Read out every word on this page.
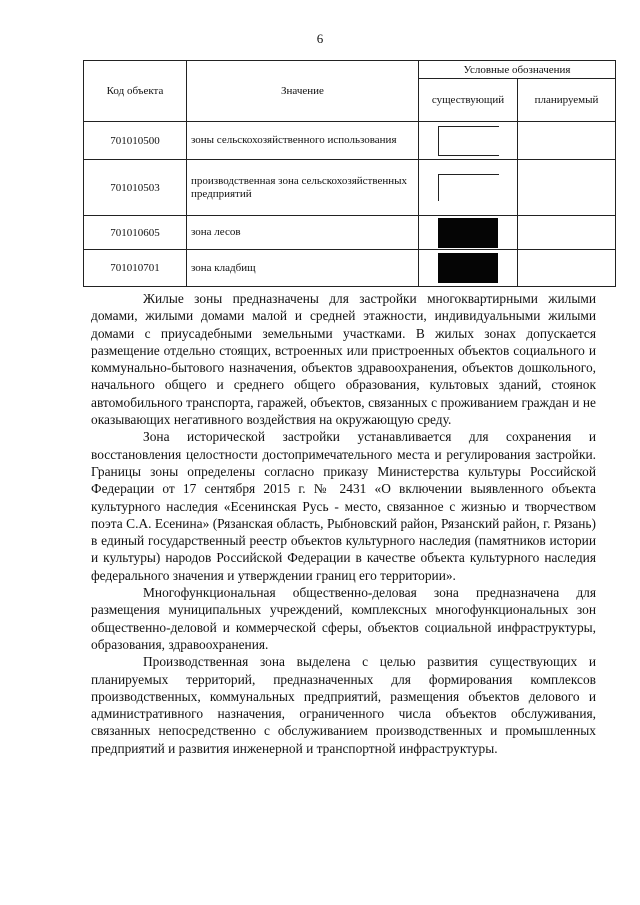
6
Код объекта	Значение	Условные обозначения	
		существующий	планируемый
701010500	зоны сельскохозяйственного использования	

701010503	производственная зона сельскохозяйственных предприятий	

701010605	зона лесов	

701010701	зона кладбищ	

Жилые зоны предназначены для застройки многоквартирными жилыми домами, жилыми домами малой и средней этажности, индивидуальными жилыми домами с приусадебными земельными участками. В жилых зонах допускается размещение отдельно стоящих, встроенных или пристроенных объектов социального и коммунально-бытового назначения, объектов здравоохранения, объектов дошкольного, начального общего и среднего общего образования, культовых зданий, стоянок автомобильного транспорта, гаражей, объектов, связанных с проживанием граждан и не оказывающих негативного воздействия на окружающую среду.

Зона исторической застройки устанавливается для сохранения и восстановления целостности достопримечательного места и регулирования застройки. Границы зоны определены согласно приказу Министерства культуры Российской Федерации от 17 сентября 2015 г. № 2431 «О включении выявленного объекта культурного наследия «Есенинская Русь - место, связанное с жизнью и творчеством поэта С.А. Есенина» (Рязанская область, Рыбновский район, Рязанский район, г. Рязань) в единый государственный реестр объектов культурного наследия (памятников истории и культуры) народов Российской Федерации в качестве объекта культурного наследия федерального значения и утверждении границ его территории».

Многофункциональная общественно-деловая зона предназначена для размещения муниципальных учреждений, комплексных многофункциональных зон общественно-деловой и коммерческой сферы, объектов социальной инфраструктуры, образования, здравоохранения.

Производственная зона выделена с целью развития существующих и планируемых территорий, предназначенных для формирования комплексов производственных, коммунальных предприятий, размещения объектов делового и административного назначения, ограниченного числа объектов обслуживания, связанных непосредственно с обслуживанием производственных и промышленных предприятий и развития инженерной и транспортной инфраструктуры.
